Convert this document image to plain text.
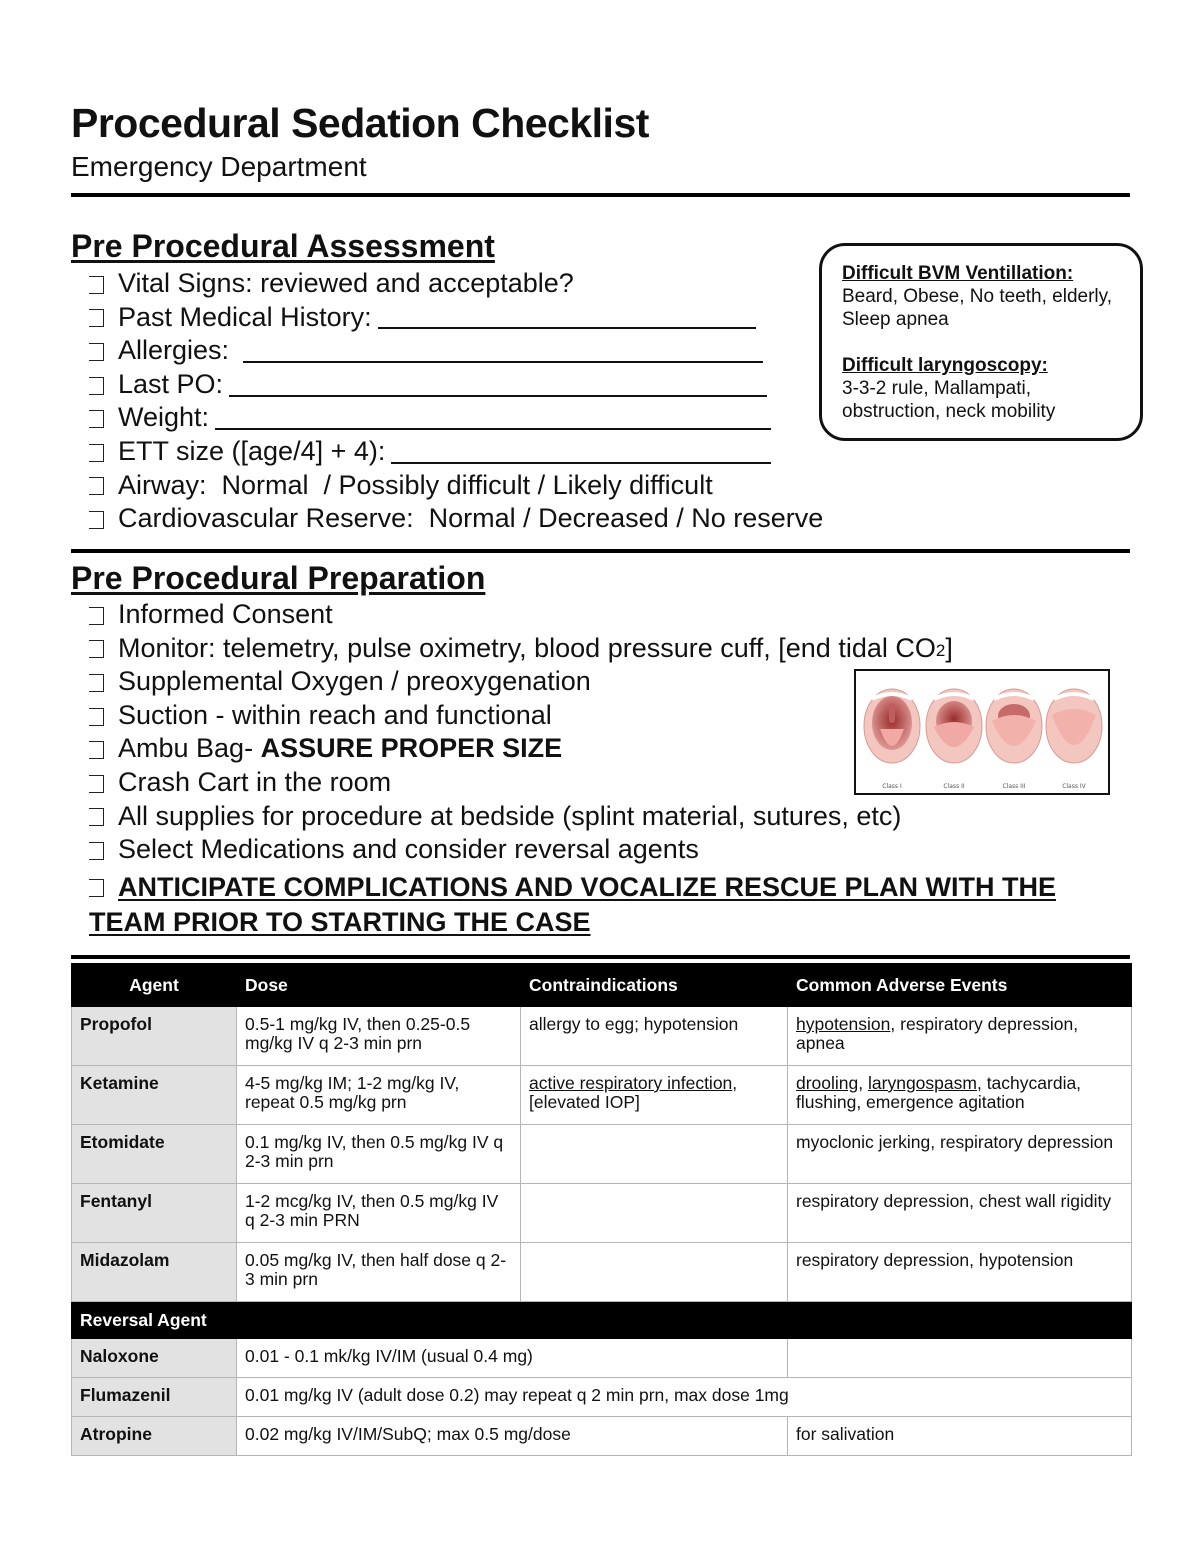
Procedural Sedation Checklist
Emergency Department
Pre Procedural Assessment
Vital Signs: reviewed and acceptable?
Past Medical History:
Allergies:
Last PO:
Weight:
ETT size ([age/4] + 4):
Airway:  Normal  / Possibly difficult / Likely difficult
Cardiovascular Reserve:  Normal / Decreased / No reserve

Difficult BVM Ventillation:

Beard, Obese, No teeth, elderly, Sleep apnea

Difficult laryngoscopy:

3-3-2 rule, Mallampati, obstruction, neck mobility

Pre Procedural Preparation
Informed Consent
Monitor: telemetry, pulse oximetry, blood pressure cuff, [end tidal $CO_2$ ]
Supplemental Oxygen / preoxygenation
Suction - within reach and functional
Ambu Bag- ASSURE PROPER SIZE
Crash Cart in the room
All supplies for procedure at bedside (splint material, sutures, etc)
Select Medications and consider reversal agents
ANTICIPATE COMPLICATIONS AND VOCALIZE RESCUE PLAN WITH THE TEAM PRIOR TO STARTING THE CASE
Class I	Class II	Class III	Class IV
Agent	Dose	Contraindications	Common Adverse Events
Propofol	0.5-1 mg/kg IV, then 0.25-0.5 mg/kg IV q 2-3 min prn	allergy to egg; hypotension	hypotension, respiratory depression, apnea
Ketamine	4-5 mg/kg IM; 1-2 mg/kg IV, repeat 0.5 mg/kg prn	active respiratory infection, [elevated IOP]	drooling, laryngospasm, tachycardia, flushing, emergence agitation
Etomidate	0.1 mg/kg IV, then 0.5 mg/kg IV q 2-3 min prn		myoclonic jerking, respiratory depression
Fentanyl	1-2 mcg/kg IV, then 0.5 mg/kg IV q 2-3 min PRN		respiratory depression, chest wall rigidity
Midazolam	0.05 mg/kg IV, then half dose q 2-3 min prn		respiratory depression, hypotension
Reversal Agent			
Naloxone	0.01 - 0.1 mk/kg IV/IM (usual 0.4 mg)		
Flumazenil	0.01 mg/kg IV (adult dose 0.2) may repeat q 2 min prn, max dose 1mg		
Atropine	0.02 mg/kg IV/IM/SubQ; max 0.5 mg/dose		for salivation
